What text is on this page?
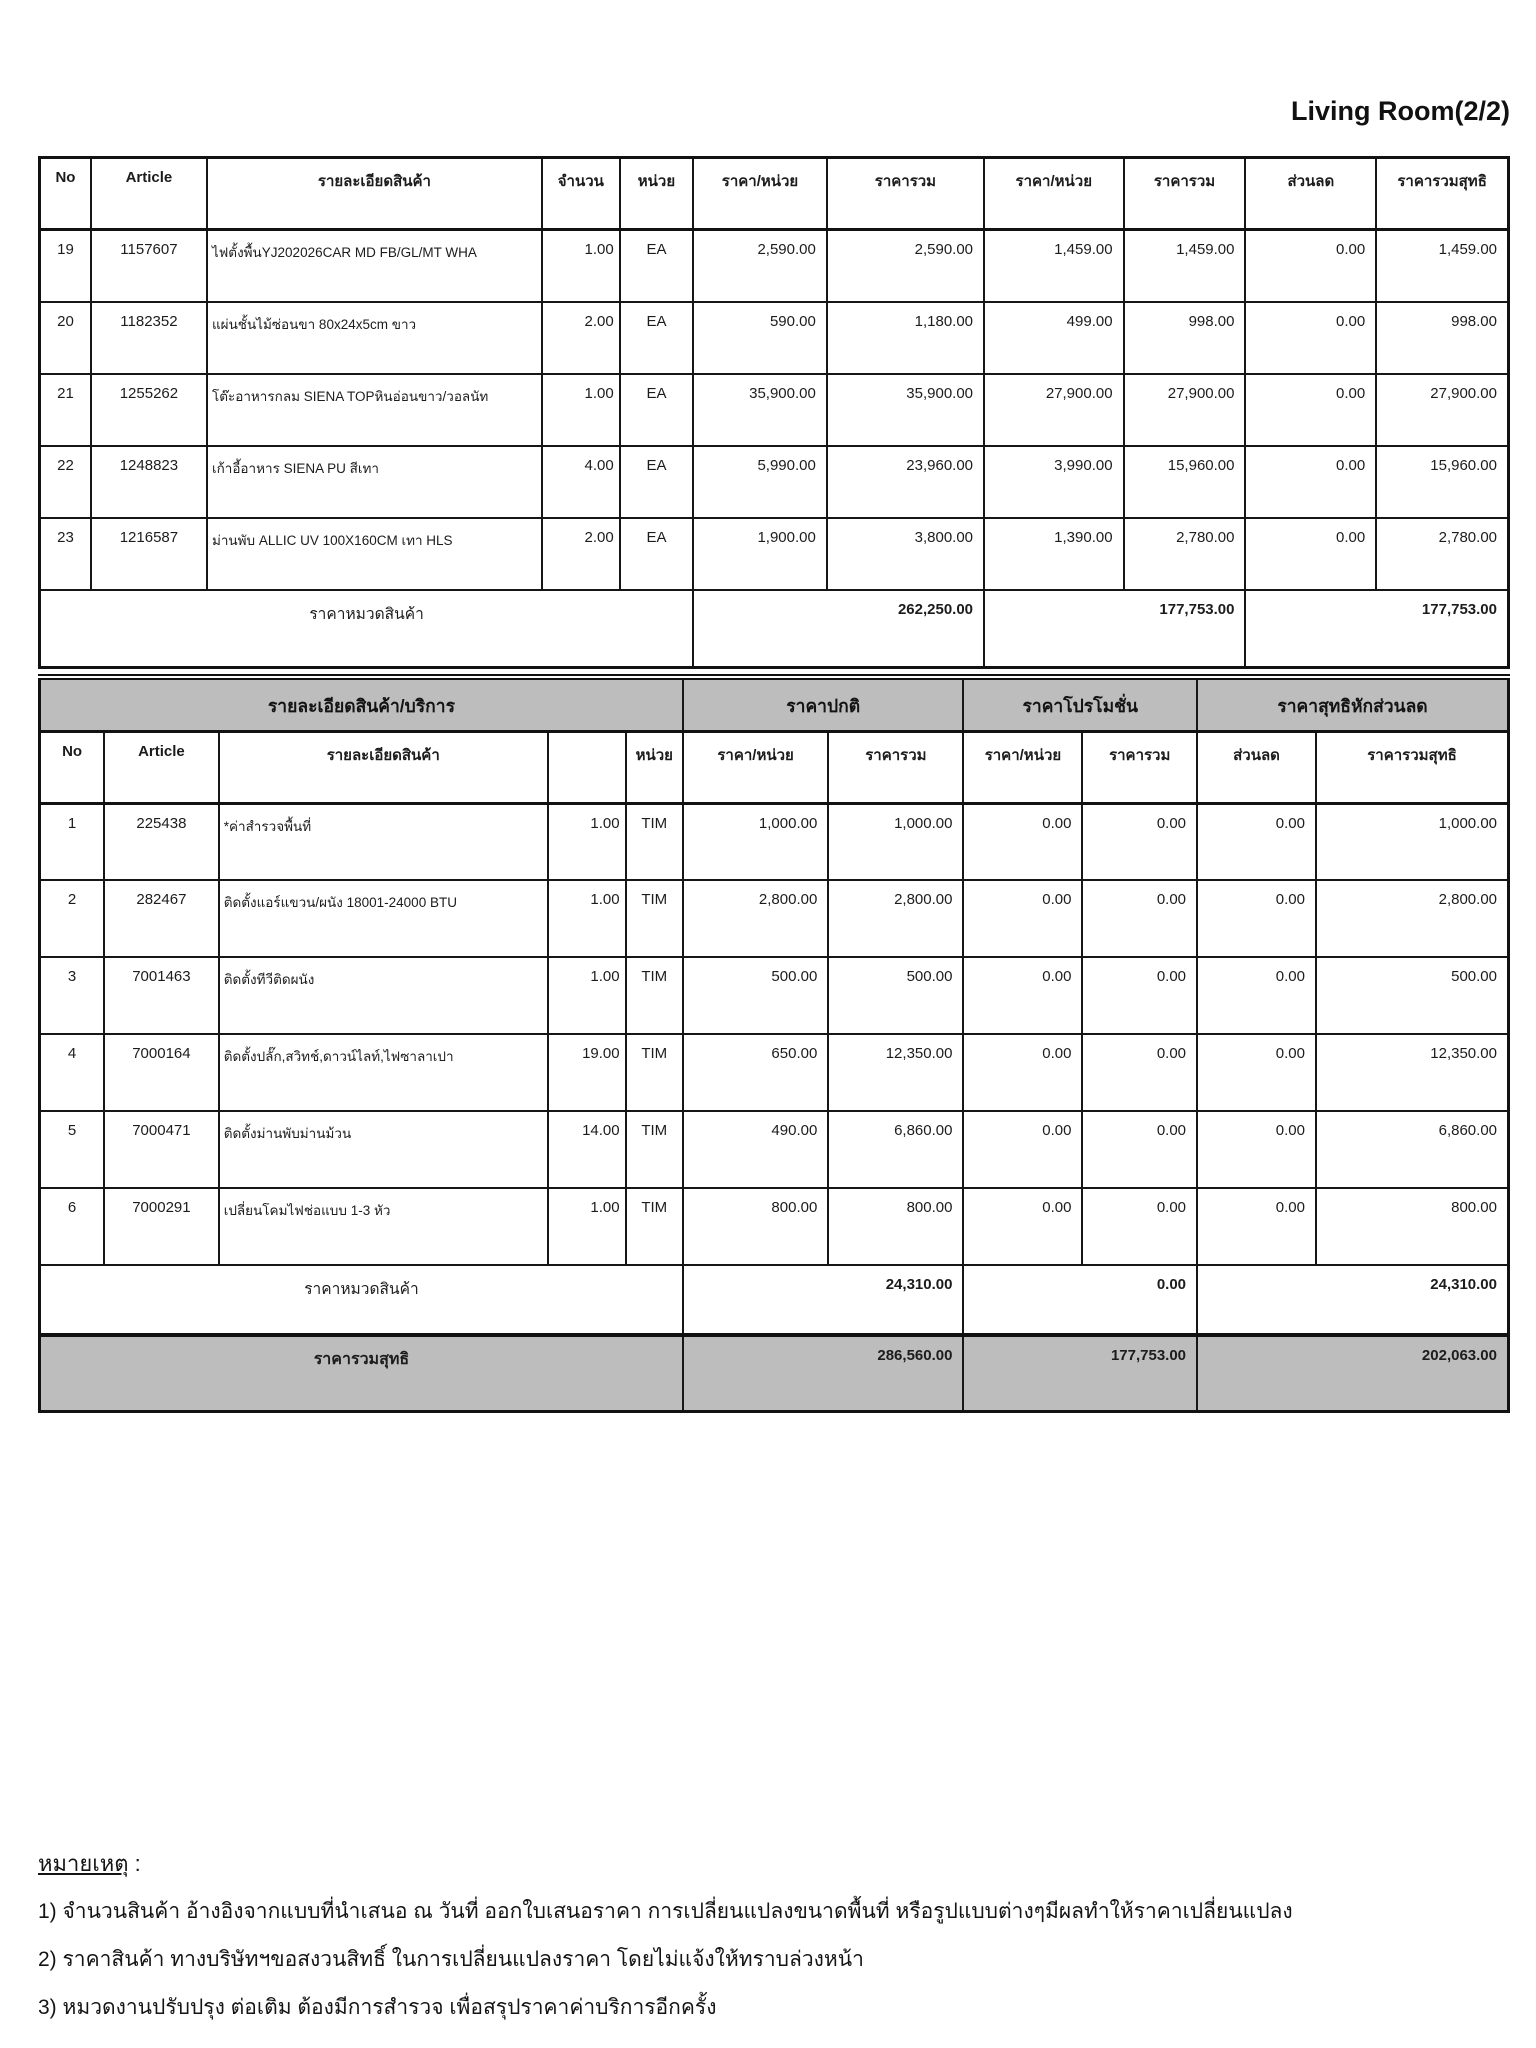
Living Room(2/2)
No	Article	รายละเอียดสินค้า	จำนวน	หน่วย	ราคา/หน่วย	ราคารวม	ราคา/หน่วย	ราคารวม	ส่วนลด	ราคารวมสุทธิ
19	1157607	ไฟตั้งพื้นYJ202026CAR MD FB/GL/MT WHA	1.00	EA	2,590.00	2,590.00	1,459.00	1,459.00	0.00	1,459.00
20	1182352	แผ่นชั้นไม้ซ่อนขา 80x24x5cm ขาว	2.00	EA	590.00	1,180.00	499.00	998.00	0.00	998.00
21	1255262	โต๊ะอาหารกลม SIENA TOPหินอ่อนขาว/วอลนัท	1.00	EA	35,900.00	35,900.00	27,900.00	27,900.00	0.00	27,900.00
22	1248823	เก้าอี้อาหาร SIENA PU สีเทา	4.00	EA	5,990.00	23,960.00	3,990.00	15,960.00	0.00	15,960.00
23	1216587	ม่านพับ ALLIC UV 100X160CM เทา HLS	2.00	EA	1,900.00	3,800.00	1,390.00	2,780.00	0.00	2,780.00
ราคาหมวดสินค้า					262,250.00		177,753.00		177,753.00	
รายละเอียดสินค้า/บริการ					ราคาปกติ		ราคาโปรโมชั่น		ราคาสุทธิหักส่วนลด	
No	Article	รายละเอียดสินค้า		หน่วย	ราคา/หน่วย	ราคารวม	ราคา/หน่วย	ราคารวม	ส่วนลด	ราคารวมสุทธิ
1	225438	*ค่าสำรวจพื้นที่	1.00	TIM	1,000.00	1,000.00	0.00	0.00	0.00	1,000.00
2	282467	ติดตั้งแอร์แขวน/ผนัง 18001-24000 BTU	1.00	TIM	2,800.00	2,800.00	0.00	0.00	0.00	2,800.00
3	7001463	ติดตั้งทีวีติดผนัง	1.00	TIM	500.00	500.00	0.00	0.00	0.00	500.00
4	7000164	ติดตั้งปลั๊ก,สวิทช์,ดาวน์ไลท์,ไฟซาลาเปา	19.00	TIM	650.00	12,350.00	0.00	0.00	0.00	12,350.00
5	7000471	ติดตั้งม่านพับม่านม้วน	14.00	TIM	490.00	6,860.00	0.00	0.00	0.00	6,860.00
6	7000291	เปลี่ยนโคมไฟช่อแบบ 1-3 หัว	1.00	TIM	800.00	800.00	0.00	0.00	0.00	800.00
ราคาหมวดสินค้า					24,310.00		0.00		24,310.00	
ราคารวมสุทธิ					286,560.00		177,753.00		202,063.00	
หมายเหตุ :
1) จำนวนสินค้า อ้างอิงจากแบบที่นำเสนอ ณ วันที่ ออกใบเสนอราคา การเปลี่ยนแปลงขนาดพื้นที่ หรือรูปแบบต่างๆมีผลทำให้ราคาเปลี่ยนแปลง
2) ราคาสินค้า ทางบริษัทฯขอสงวนสิทธิ์ ในการเปลี่ยนแปลงราคา โดยไม่แจ้งให้ทราบล่วงหน้า
3) หมวดงานปรับปรุง ต่อเติม ต้องมีการสำรวจ เพื่อสรุปราคาค่าบริการอีกครั้ง
